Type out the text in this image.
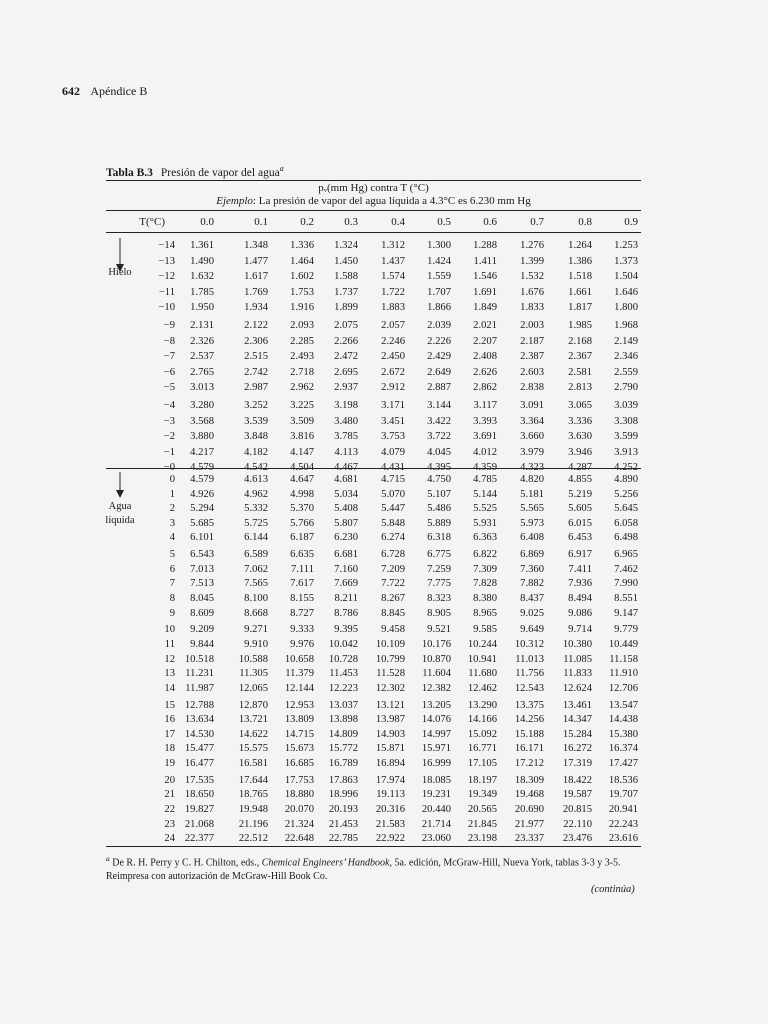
642 Apéndice B
Tabla B.3 Presión de vapor del agua$^a$
pᵥ(mm Hg) contra T (°C)
Ejemplo: La presión de vapor del agua líquida a 4.3°C es 6.230 mm Hg
T(°C)	0.0	0.1	0.2	0.3	0.4	0.5	0.6	0.7	0.8	0.9
−14	1.361	1.348	1.336	1.324	1.312	1.300	1.288	1.276	1.264	1.253
−13	1.490	1.477	1.464	1.450	1.437	1.424	1.411	1.399	1.386	1.373
−12	1.632	1.617	1.602	1.588	1.574	1.559	1.546	1.532	1.518	1.504
−11	1.785	1.769	1.753	1.737	1.722	1.707	1.691	1.676	1.661	1.646
−10	1.950	1.934	1.916	1.899	1.883	1.866	1.849	1.833	1.817	1.800
−9	2.131	2.122	2.093	2.075	2.057	2.039	2.021	2.003	1.985	1.968
−8	2.326	2.306	2.285	2.266	2.246	2.226	2.207	2.187	2.168	2.149
−7	2.537	2.515	2.493	2.472	2.450	2.429	2.408	2.387	2.367	2.346
−6	2.765	2.742	2.718	2.695	2.672	2.649	2.626	2.603	2.581	2.559
−5	3.013	2.987	2.962	2.937	2.912	2.887	2.862	2.838	2.813	2.790
−4	3.280	3.252	3.225	3.198	3.171	3.144	3.117	3.091	3.065	3.039
−3	3.568	3.539	3.509	3.480	3.451	3.422	3.393	3.364	3.336	3.308
−2	3.880	3.848	3.816	3.785	3.753	3.722	3.691	3.660	3.630	3.599
−1	4.217	4.182	4.147	4.113	4.079	4.045	4.012	3.979	3.946	3.913
−0	4.579	4.542	4.504	4.467	4.431	4.395	4.359	4.323	4.287	4.252
0	4.579	4.613	4.647	4.681	4.715	4.750	4.785	4.820	4.855	4.890
1	4.926	4.962	4.998	5.034	5.070	5.107	5.144	5.181	5.219	5.256
2	5.294	5.332	5.370	5.408	5.447	5.486	5.525	5.565	5.605	5.645
3	5.685	5.725	5.766	5.807	5.848	5.889	5.931	5.973	6.015	6.058
4	6.101	6.144	6.187	6.230	6.274	6.318	6.363	6.408	6.453	6.498
5	6.543	6.589	6.635	6.681	6.728	6.775	6.822	6.869	6.917	6.965
6	7.013	7.062	7.111	7.160	7.209	7.259	7.309	7.360	7.411	7.462
7	7.513	7.565	7.617	7.669	7.722	7.775	7.828	7.882	7.936	7.990
8	8.045	8.100	8.155	8.211	8.267	8.323	8.380	8.437	8.494	8.551
9	8.609	8.668	8.727	8.786	8.845	8.905	8.965	9.025	9.086	9.147
10	9.209	9.271	9.333	9.395	9.458	9.521	9.585	9.649	9.714	9.779
11	9.844	9.910	9.976	10.042	10.109	10.176	10.244	10.312	10.380	10.449
12 10.518	10.588	10.658	10.728	10.799	10.870	10.941	11.013	11.085	11.158
13 11.231	11.305	11.379	11.453	11.528	11.604	11.680	11.756	11.833	11.910
14 11.987	12.065	12.144	12.223	12.302	12.382	12.462	12.543	12.624	12.706
15 12.788	12.870	12.953	13.037	13.121	13.205	13.290	13.375	13.461	13.547
16 13.634	13.721	13.809	13.898	13.987	14.076	14.166	14.256	14.347	14.438
17 14.530	14.622	14.715	14.809	14.903	14.997	15.092	15.188	15.284	15.380
18 15.477	15.575	15.673	15.772	15.871	15.971	16.771	16.171	16.272	16.374
19 16.477	16.581	16.685	16.789	16.894	16.999	17.105	17.212	17.319	17.427
20 17.535	17.644	17.753	17.863	17.974	18.085	18.197	18.309	18.422	18.536
21 18.650	18.765	18.880	18.996	19.113	19.231	19.349	19.468	19.587	19.707
22 19.827	19.948	20.070	20.193	20.316	20.440	20.565	20.690	20.815	20.941
23 21.068	21.196	21.324	21.453	21.583	21.714	21.845	21.977	22.110	22.243
24 22.377	22.512	22.648	22.785	22.922	23.060	23.198	23.337	23.476	23.616
Hielo
Agua
líquida
$^a$ De R. H. Perry y C. H. Chilton, eds., Chemical Engineers’ Handbook, 5a. edición, McGraw-Hill, Nueva York, tablas 3-3 y 3-5. Reimpresa con autorización de McGraw-Hill Book Co.
(continúa)
